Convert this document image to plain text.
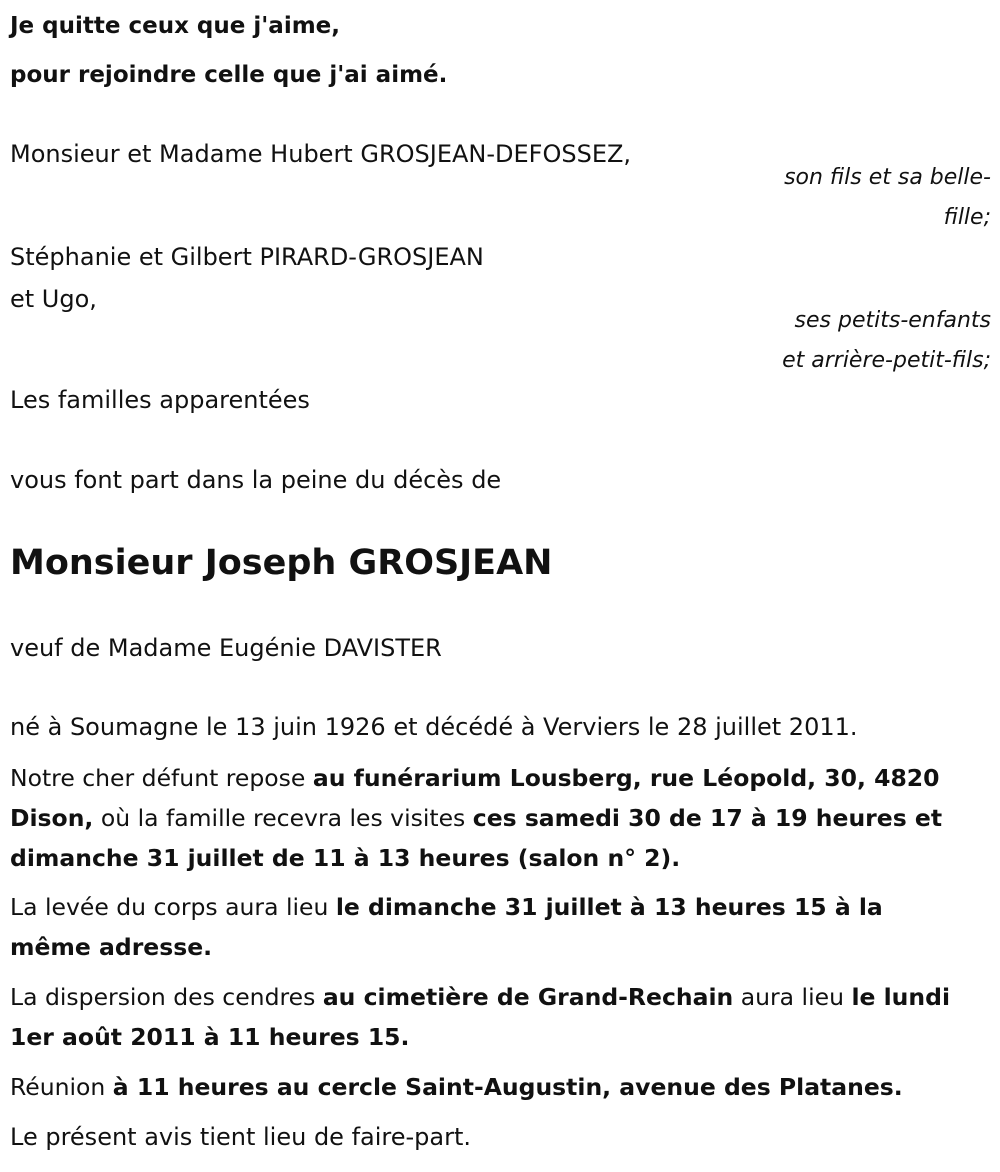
Je quitte ceux que j'aime,
pour rejoindre celle que j'ai aimé.
Monsieur et Madame Hubert GROSJEAN-DEFOSSEZ,
son fils et sa belle-
fille;
Stéphanie et Gilbert PIRARD-GROSJEAN
et Ugo,
ses petits-enfants
et arrière-petit-fils;
Les familles apparentées
vous font part dans la peine du décès de
Monsieur Joseph GROSJEAN
veuf de Madame Eugénie DAVISTER
né à Soumagne le 13 juin 1926 et décédé à Verviers le 28 juillet 2011.
Notre cher défunt repose au funérarium Lousberg, rue Léopold, 30, 4820 Dison, où la famille recevra les visites ces samedi 30 de 17 à 19 heures et dimanche 31 juillet de 11 à 13 heures (salon n° 2).
La levée du corps aura lieu le dimanche 31 juillet à 13 heures 15 à la même adresse.
La dispersion des cendres au cimetière de Grand-Rechain aura lieu le lundi 1er août 2011 à 11 heures 15.
Réunion à 11 heures au cercle Saint-Augustin, avenue des Platanes.
Le présent avis tient lieu de faire-part.
